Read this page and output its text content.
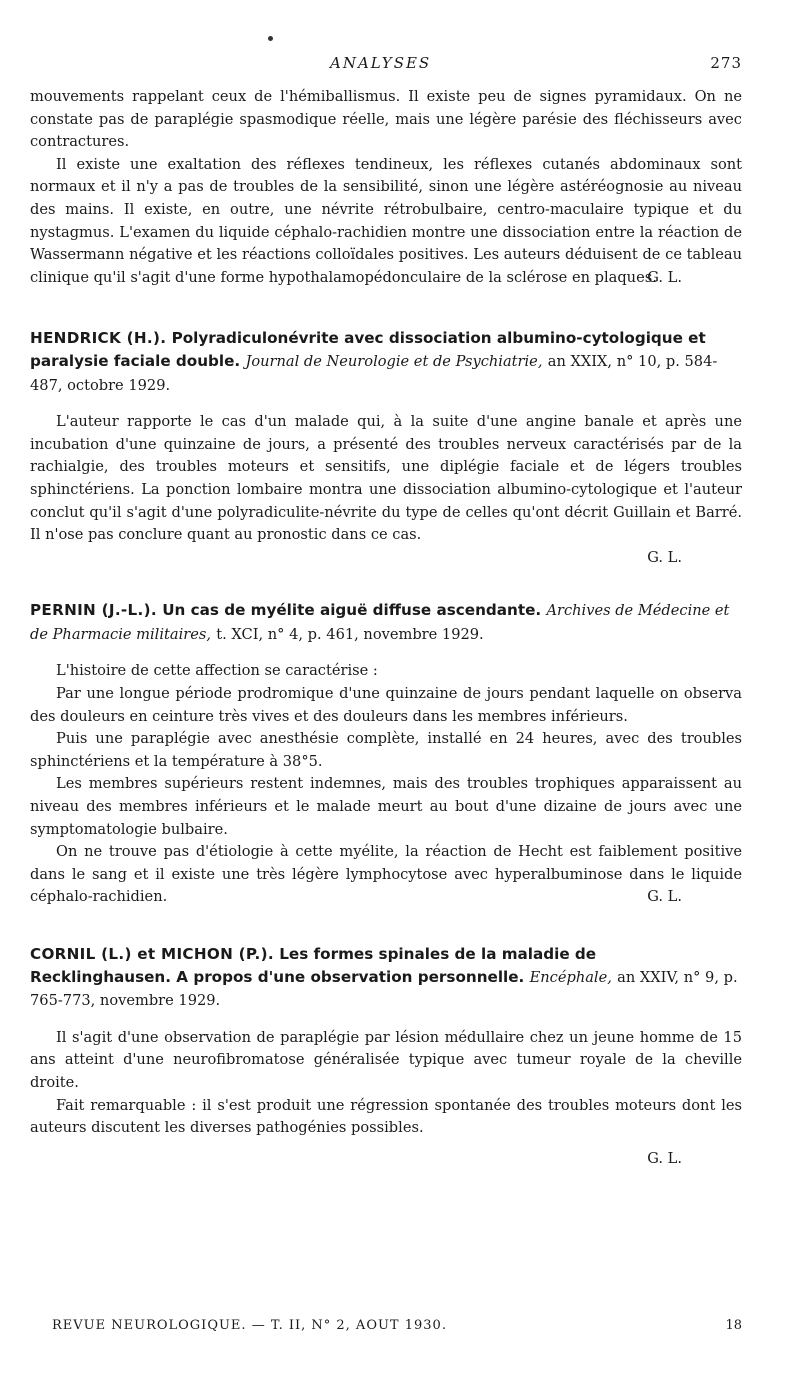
ANALYSES	273

mouvements rappelant ceux de l'hémiballismus. Il existe peu de signes pyramidaux. On ne constate pas de paraplégie spasmodique réelle, mais une légère parésie des fléchisseurs avec contractures.

Il existe une exaltation des réflexes tendineux, les réflexes cutanés abdominaux sont normaux et il n'y a pas de troubles de la sensibilité, sinon une légère astéréognosie au niveau des mains. Il existe, en outre, une névrite rétrobulbaire, centro-maculaire typique et du nystagmus. L'examen du liquide céphalo-rachidien montre une dissociation entre la réaction de Wassermann négative et les réactions colloïdales positives. Les auteurs déduisent de ce tableau clinique qu'il s'agit d'une forme hypothalamopédonculaire de la sclérose en plaques.

G. L.
HENDRICK (H.). Polyradiculonévrite avec dissociation albumino-cytologique et paralysie faciale double. Journal de Neurologie et de Psychiatrie, an XXIX, n° 10, p. 584-487, octobre 1929.

L'auteur rapporte le cas d'un malade qui, à la suite d'une angine banale et après une incubation d'une quinzaine de jours, a présenté des troubles nerveux caractérisés par de la rachialgie, des troubles moteurs et sensitifs, une diplégie faciale et de légers troubles sphinctériens. La ponction lombaire montra une dissociation albumino-cytologique et l'auteur conclut qu'il s'agit d'une polyradiculite-névrite du type de celles qu'ont décrit Guillain et Barré. Il n'ose pas conclure quant au pronostic dans ce cas.

G. L.
PERNIN (J.-L.). Un cas de myélite aiguë diffuse ascendante. Archives de Médecine et de Pharmacie militaires, t. XCI, n° 4, p. 461, novembre 1929.

L'histoire de cette affection se caractérise :

Par une longue période prodromique d'une quinzaine de jours pendant laquelle on observa des douleurs en ceinture très vives et des douleurs dans les membres inférieurs.

Puis une paraplégie avec anesthésie complète, installé en 24 heures, avec des troubles sphinctériens et la température à 38°5.

Les membres supérieurs restent indemnes, mais des troubles trophiques apparaissent au niveau des membres inférieurs et le malade meurt au bout d'une dizaine de jours avec une symptomatologie bulbaire.

On ne trouve pas d'étiologie à cette myélite, la réaction de Hecht est faiblement positive dans le sang et il existe une très légère lymphocytose avec hyperalbuminose dans le liquide céphalo-rachidien.	G. L.
CORNIL (L.) et MICHON (P.). Les formes spinales de la maladie de Recklinghausen. A propos d'une observation personnelle. Encéphale, an XXIV, n° 9, p. 765-773, novembre 1929.

Il s'agit d'une observation de paraplégie par lésion médullaire chez un jeune homme de 15 ans atteint d'une neurofibromatose généralisée typique avec tumeur royale de la cheville droite.

Fait remarquable : il s'est produit une régression spontanée des troubles moteurs dont les auteurs discutent les diverses pathogénies possibles.

G. L.
REVUE NEUROLOGIQUE. — T. II, N° 2, AOUT 1930.	18
